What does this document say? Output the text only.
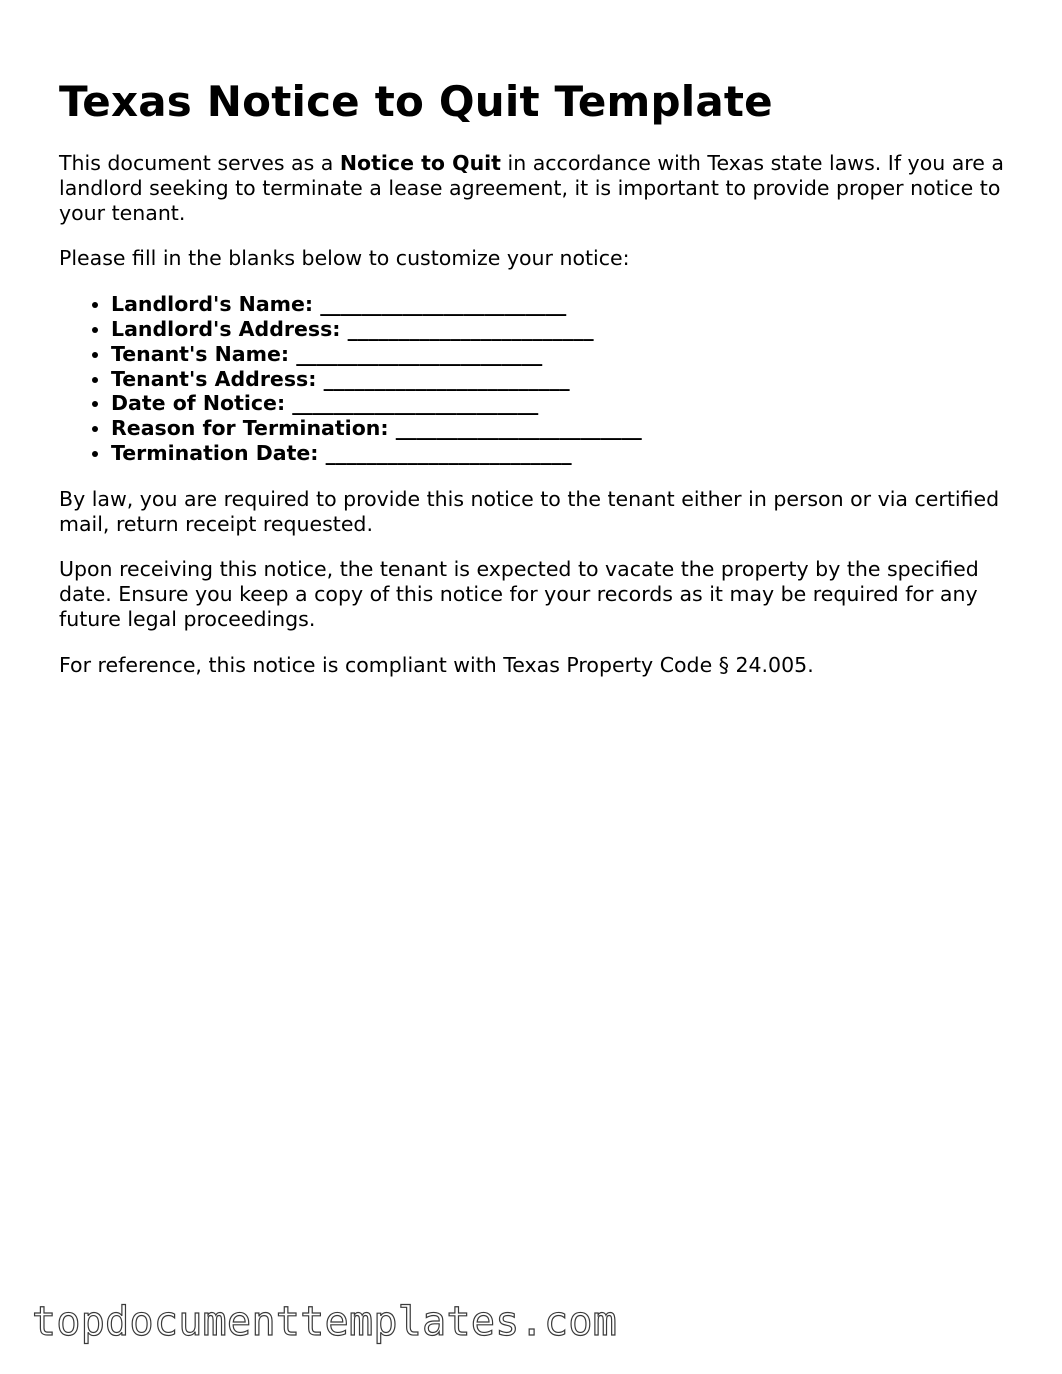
Texas Notice to Quit Template

This document serves as a Notice to Quit in accordance with Texas state laws. If you are a landlord seeking to terminate a lease agreement, it is important to provide proper notice to your tenant.

Please fill in the blanks below to customize your notice:

• Landlord's Name: ________________________
• Landlord's Address: ________________________
• Tenant's Name: ________________________
• Tenant's Address: ________________________
• Date of Notice: ________________________
• Reason for Termination: ________________________
• Termination Date: ________________________

By law, you are required to provide this notice to the tenant either in person or via certified mail, return receipt requested.

Upon receiving this notice, the tenant is expected to vacate the property by the specified date. Ensure you keep a copy of this notice for your records as it may be required for any future legal proceedings.

For reference, this notice is compliant with Texas Property Code § 24.005.

topdocumenttemplates.com
